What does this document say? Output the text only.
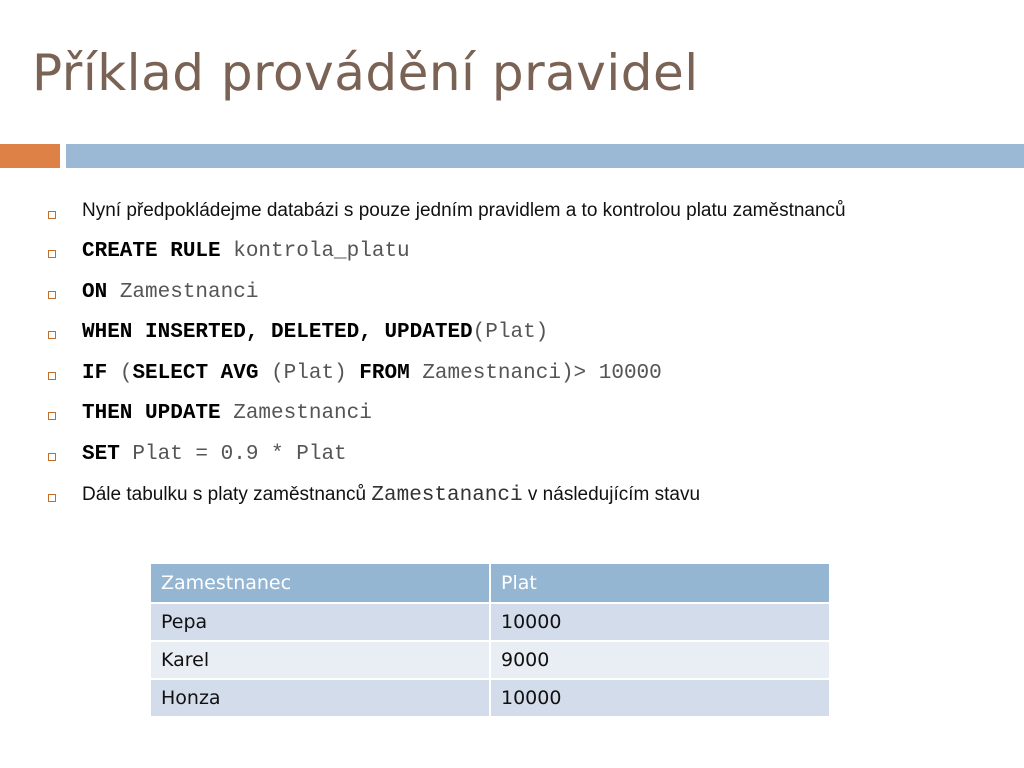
Příklad provádění pravidel
Nyní předpokládejme databázi s pouze jedním pravidlem a to kontrolou platu zaměstnanců
CREATE RULE kontrola_platu
ON Zamestnanci
WHEN INSERTED, DELETED, UPDATED(Plat)
IF (SELECT AVG (Plat) FROM Zamestnanci)> 10000
THEN UPDATE Zamestnanci
SET Plat = 0.9 * Plat
Dále tabulku s platy zaměstnanců Zamestananci v následujícím stavu
Zamestnanec	Plat
Pepa	10000
Karel	9000
Honza	10000
